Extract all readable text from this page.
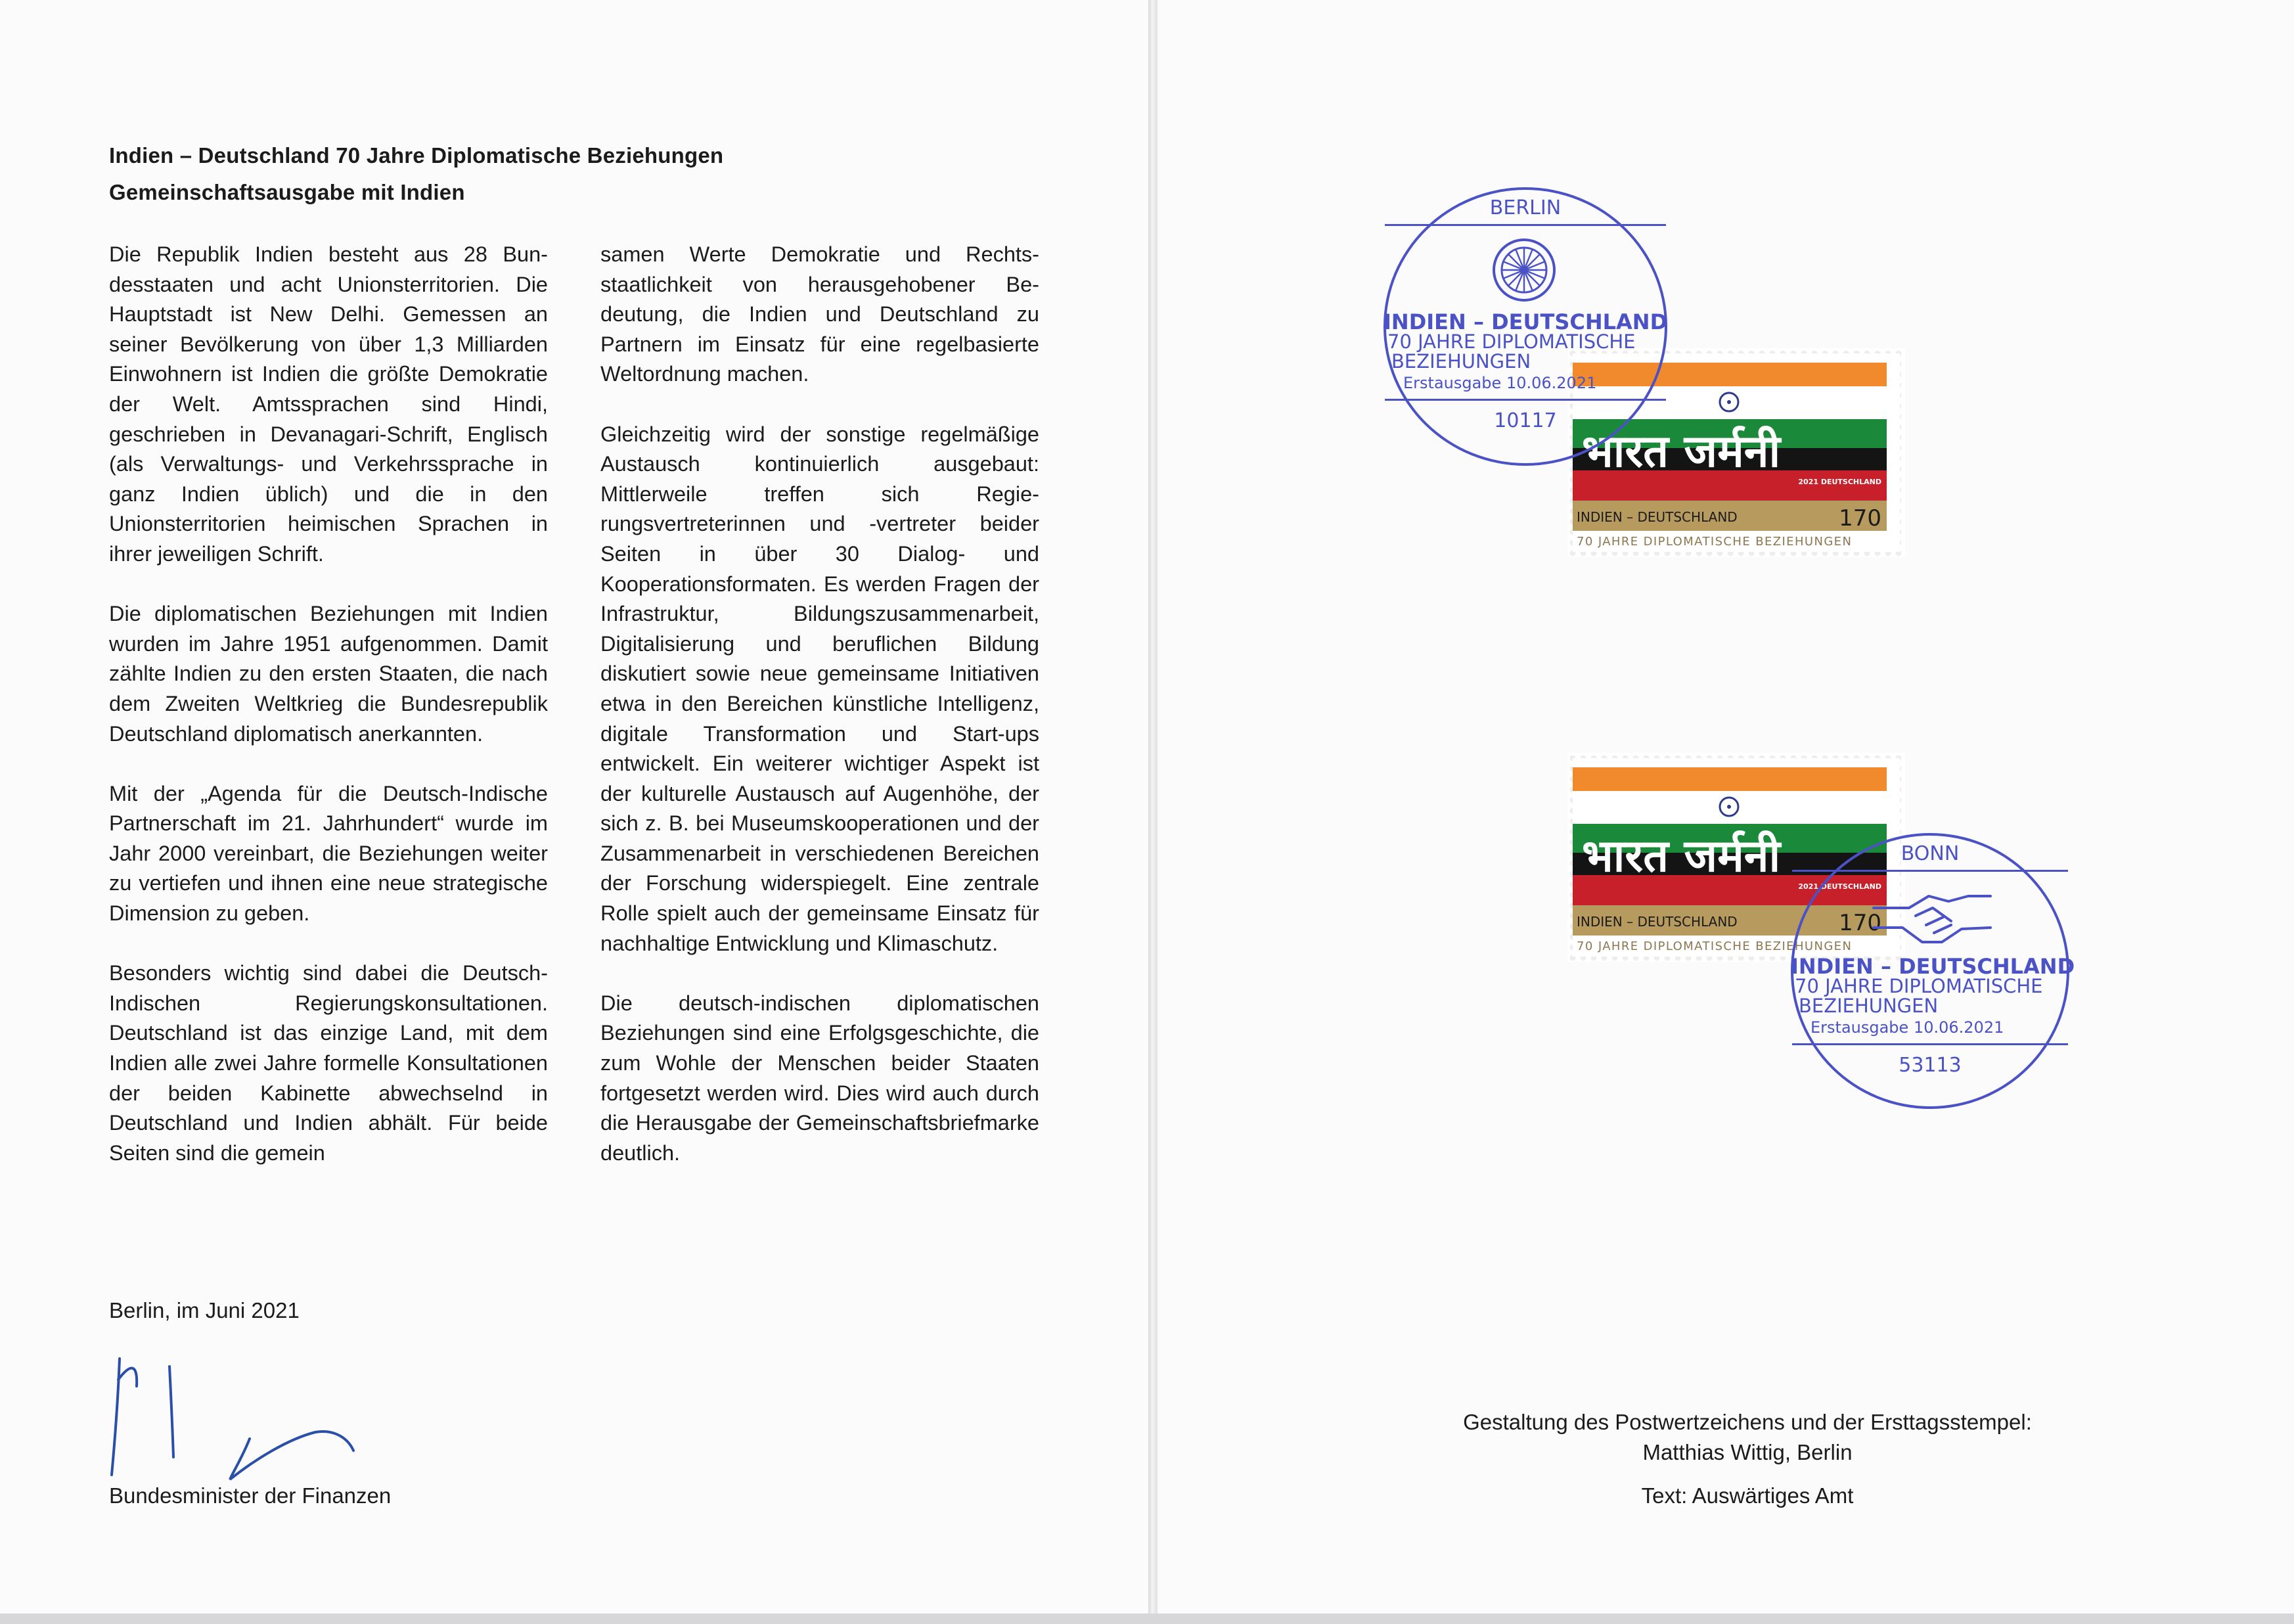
Indien – Deutschland 70 Jahre Diplomatische Beziehungen
Gemeinschaftsausgabe mit Indien

Die Republik Indien besteht aus 28 Bundesstaaten und acht Unionsterritorien. Die Hauptstadt ist New Delhi. Gemessen an seiner Bevölkerung von über 1,3 Milliarden Einwohnern ist Indien die größte Demokratie der Welt. Amtssprachen sind Hindi, geschrieben in Devanagari-Schrift, Englisch (als Verwaltungs- und Verkehrssprache in ganz Indien üblich) und die in den Unionsterritorien heimischen Sprachen in ihrer jeweiligen Schrift.

Die diplomatischen Beziehungen mit Indien wurden im Jahre 1951 aufgenommen. Damit zählte Indien zu den ersten Staaten, die nach dem Zweiten Weltkrieg die Bundesrepublik Deutschland diplomatisch anerkannten.

Mit der „Agenda für die Deutsch-Indische Partnerschaft im 21. Jahrhundert“ wurde im Jahr 2000 vereinbart, die Beziehungen weiter zu vertiefen und ihnen eine neue strategische Dimension zu geben.

Besonders wichtig sind dabei die Deutsch-Indischen Regierungskonsultationen. Deutschland ist das einzige Land, mit dem Indien alle zwei Jahre formelle Konsultationen der beiden Kabinette abwechselnd in Deutschland und Indien abhält. Für beide Seiten sind die gemein

samen Werte Demokratie und Rechtsstaatlichkeit von herausgehobener Bedeutung, die Indien und Deutschland zu Partnern im Einsatz für eine regelbasierte Weltordnung machen.

Gleichzeitig wird der sonstige regelmäßige Austausch kontinuierlich ausgebaut: Mittlerweile treffen sich Regierungsvertreterinnen und -vertreter beider Seiten in über 30 Dialog- und Kooperationsformaten. Es werden Fragen der Infrastruktur, Bildungszusammenarbeit, Digitalisierung und beruflichen Bildung diskutiert sowie neue gemeinsame Initiativen etwa in den Bereichen künstliche Intelligenz, digitale Transformation und Start-ups entwickelt. Ein weiterer wichtiger Aspekt ist der kulturelle Austausch auf Augenhöhe, der sich z. B. bei Museumskooperationen und der Zusammenarbeit in verschiedenen Bereichen der Forschung widerspiegelt. Eine zentrale Rolle spielt auch der gemeinsame Einsatz für nachhaltige Entwicklung und Klimaschutz.

Die deutsch-indischen diplomatischen Beziehungen sind eine Erfolgsgeschichte, die zum Wohle der Menschen beider Staaten fortgesetzt werden wird. Dies wird auch durch die Herausgabe der Gemeinschaftsbriefmarke deutlich.

Berlin, im Juni 2021
Bundesminister der Finanzen
भारत जर्मनी
2021 DEUTSCHLAND
INDIEN – DEUTSCHLAND	170
70 JAHRE DIPLOMATISCHE BEZIEHUNGEN
भारत जर्मनी
2021 DEUTSCHLAND
INDIEN – DEUTSCHLAND	170
70 JAHRE DIPLOMATISCHE BEZIEHUNGEN
BERLIN
INDIEN – DEUTSCHLAND
70 JAHRE DIPLOMATISCHE
BEZIEHUNGEN
Erstausgabe 10.06.2021
10117
BONN
INDIEN – DEUTSCHLAND
70 JAHRE DIPLOMATISCHE
BEZIEHUNGEN
Erstausgabe 10.06.2021
53113
Gestaltung des Postwertzeichens und der Ersttagsstempel:
Matthias Wittig, Berlin
Text: Auswärtiges Amt
